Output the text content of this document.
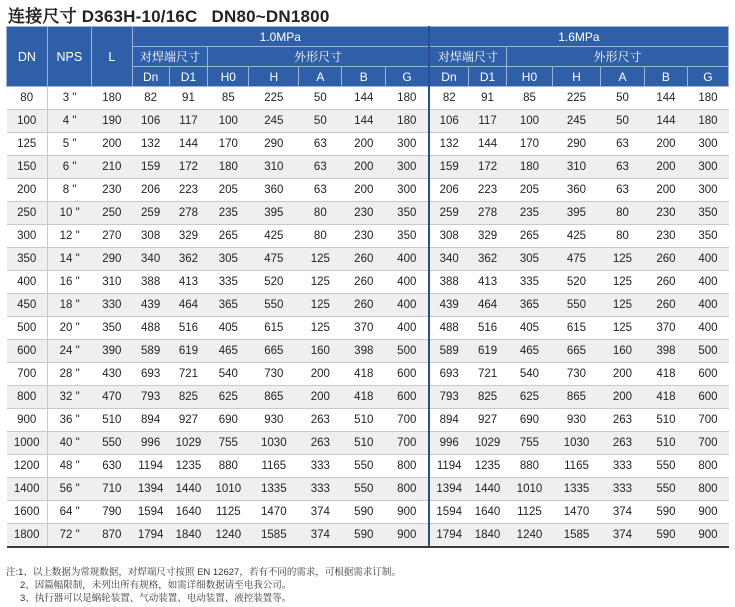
连接尺寸 D363H-10/16C DN80~DN1800
DN	NPS	L	1.0MPa							1.6MPa						
			对焊端尺寸		外形尺寸					对焊端尺寸		外形尺寸				
			Dn	D1	H0	H	A	B	G	Dn	D1	H0	H	A	B	G
80	3 "	180	82	91	85	225	50	144	180	82	91	85	225	50	144	180
100	4 "	190	106	117	100	245	50	144	180	106	117	100	245	50	144	180
125	5 "	200	132	144	170	290	63	200	300	132	144	170	290	63	200	300
150	6 "	210	159	172	180	310	63	200	300	159	172	180	310	63	200	300
200	8 "	230	206	223	205	360	63	200	300	206	223	205	360	63	200	300
250	10 "	250	259	278	235	395	80	230	350	259	278	235	395	80	230	350
300	12 "	270	308	329	265	425	80	230	350	308	329	265	425	80	230	350
350	14 "	290	340	362	305	475	125	260	400	340	362	305	475	125	260	400
400	16 "	310	388	413	335	520	125	260	400	388	413	335	520	125	260	400
450	18 "	330	439	464	365	550	125	260	400	439	464	365	550	125	260	400
500	20 "	350	488	516	405	615	125	370	400	488	516	405	615	125	370	400
600	24 "	390	589	619	465	665	160	398	500	589	619	465	665	160	398	500
700	28 "	430	693	721	540	730	200	418	600	693	721	540	730	200	418	600
800	32 "	470	793	825	625	865	200	418	600	793	825	625	865	200	418	600
900	36 "	510	894	927	690	930	263	510	700	894	927	690	930	263	510	700
1000	40 "	550	996	1029	755	1030	263	510	700	996	1029	755	1030	263	510	700
1200	48 "	630	1194	1235	880	1165	333	550	800	1194	1235	880	1165	333	550	800
1400	56 "	710	1394	1440	1010	1335	333	550	800	1394	1440	1010	1335	333	550	800
1600	64 "	790	1594	1640	1125	1470	374	590	900	1594	1640	1125	1470	374	590	900
1800	72 "	870	1794	1840	1240	1585	374	590	900	1794	1840	1240	1585	374	590	900
注:1、以上数据为常规数据，对焊端尺寸按照 EN 12627，若有不同的需求，可根据需求订制。
2、因篇幅限制，未列出所有规格，如需详细数据请至电我公司。
3、执行器可以是蜗轮装置、气动装置、电动装置、液控装置等。
